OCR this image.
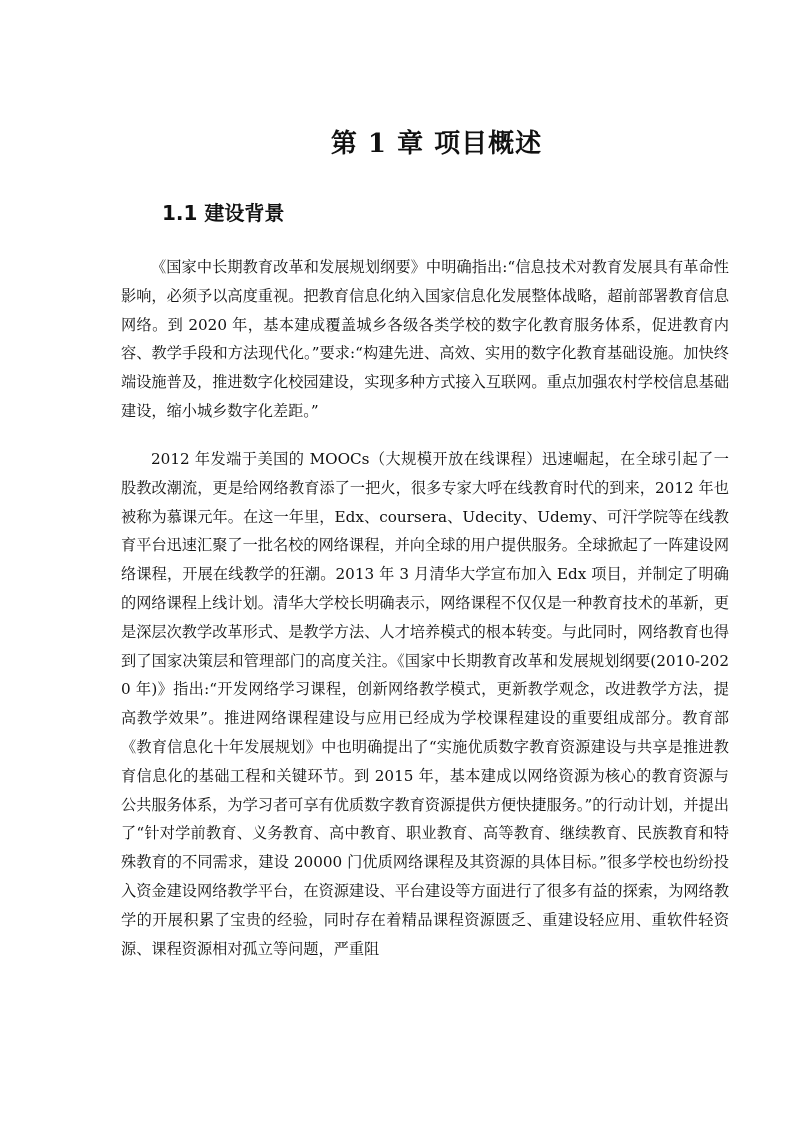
第 1 章 项目概述
1.1 建设背景

《国家中长期教育改革和发展规划纲要》中明确指出:“信息技术对教育发展具有革命性影响，必须予以高度重视。把教育信息化纳入国家信息化发展整体战略，超前部署教育信息网络。到 2020 年，基本建成覆盖城乡各级各类学校的数字化教育服务体系，促进教育内容、教学手段和方法现代化。”要求:“构建先进、高效、实用的数字化教育基础设施。加快终端设施普及，推进数字化校园建设，实现多种方式接入互联网。重点加强农村学校信息基础建设，缩小城乡数字化差距。”

2012 年发端于美国的 MOOCs（大规模开放在线课程）迅速崛起，在全球引起了一股教改潮流，更是给网络教育添了一把火，很多专家大呼在线教育时代的到来，2012 年也被称为慕课元年。在这一年里，Edx、coursera、Udecity、Udemy、可汗学院等在线教育平台迅速汇聚了一批名校的网络课程，并向全球的用户提供服务。全球掀起了一阵建设网络课程，开展在线教学的狂潮。2013 年 3 月清华大学宣布加入 Edx 项目，并制定了明确的网络课程上线计划。清华大学校长明确表示，网络课程不仅仅是一种教育技术的革新，更是深层次教学改革形式、是教学方法、人才培养模式的根本转变。与此同时，网络教育也得到了国家决策层和管理部门的高度关注。《国家中长期教育改革和发展规划纲要(2010-2020 年)》指出:“开发网络学习课程，创新网络教学模式，更新教学观念，改进教学方法，提高教学效果”。推进网络课程建设与应用已经成为学校课程建设的重要组成部分。教育部《教育信息化十年发展规划》中也明确提出了“实施优质数字教育资源建设与共享是推进教育信息化的基础工程和关键环节。到 2015 年，基本建成以网络资源为核心的教育资源与公共服务体系，为学习者可享有优质数字教育资源提供方便快捷服务。”的行动计划，并提出了“针对学前教育、义务教育、高中教育、职业教育、高等教育、继续教育、民族教育和特殊教育的不同需求，建设 20000 门优质网络课程及其资源的具体目标。”很多学校也纷纷投入资金建设网络教学平台，在资源建设、平台建设等方面进行了很多有益的探索，为网络教学的开展积累了宝贵的经验，同时存在着精品课程资源匮乏、重建设轻应用、重软件轻资源、课程资源相对孤立等问题，严重阻
